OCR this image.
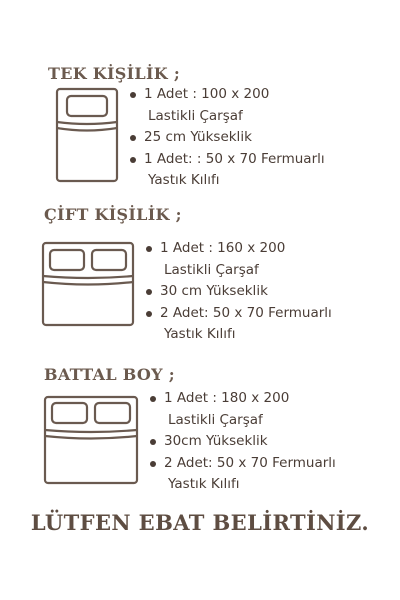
TEK KİŞİLİK ;
1 Adet : 100 x 200
Lastikli Çarşaf
25 cm Yükseklik
1 Adet: : 50 x 70 Fermuarlı
Yastık Kılıfı
ÇİFT KİŞİLİK ;
1 Adet : 160 x 200
Lastikli Çarşaf
30 cm Yükseklik
2 Adet: 50 x 70 Fermuarlı
Yastık Kılıfı
BATTAL BOY ;
1 Adet : 180 x 200
Lastikli Çarşaf
30cm Yükseklik
2 Adet: 50 x 70 Fermuarlı
Yastık Kılıfı
LÜTFEN EBAT BELİRTİNİZ.
